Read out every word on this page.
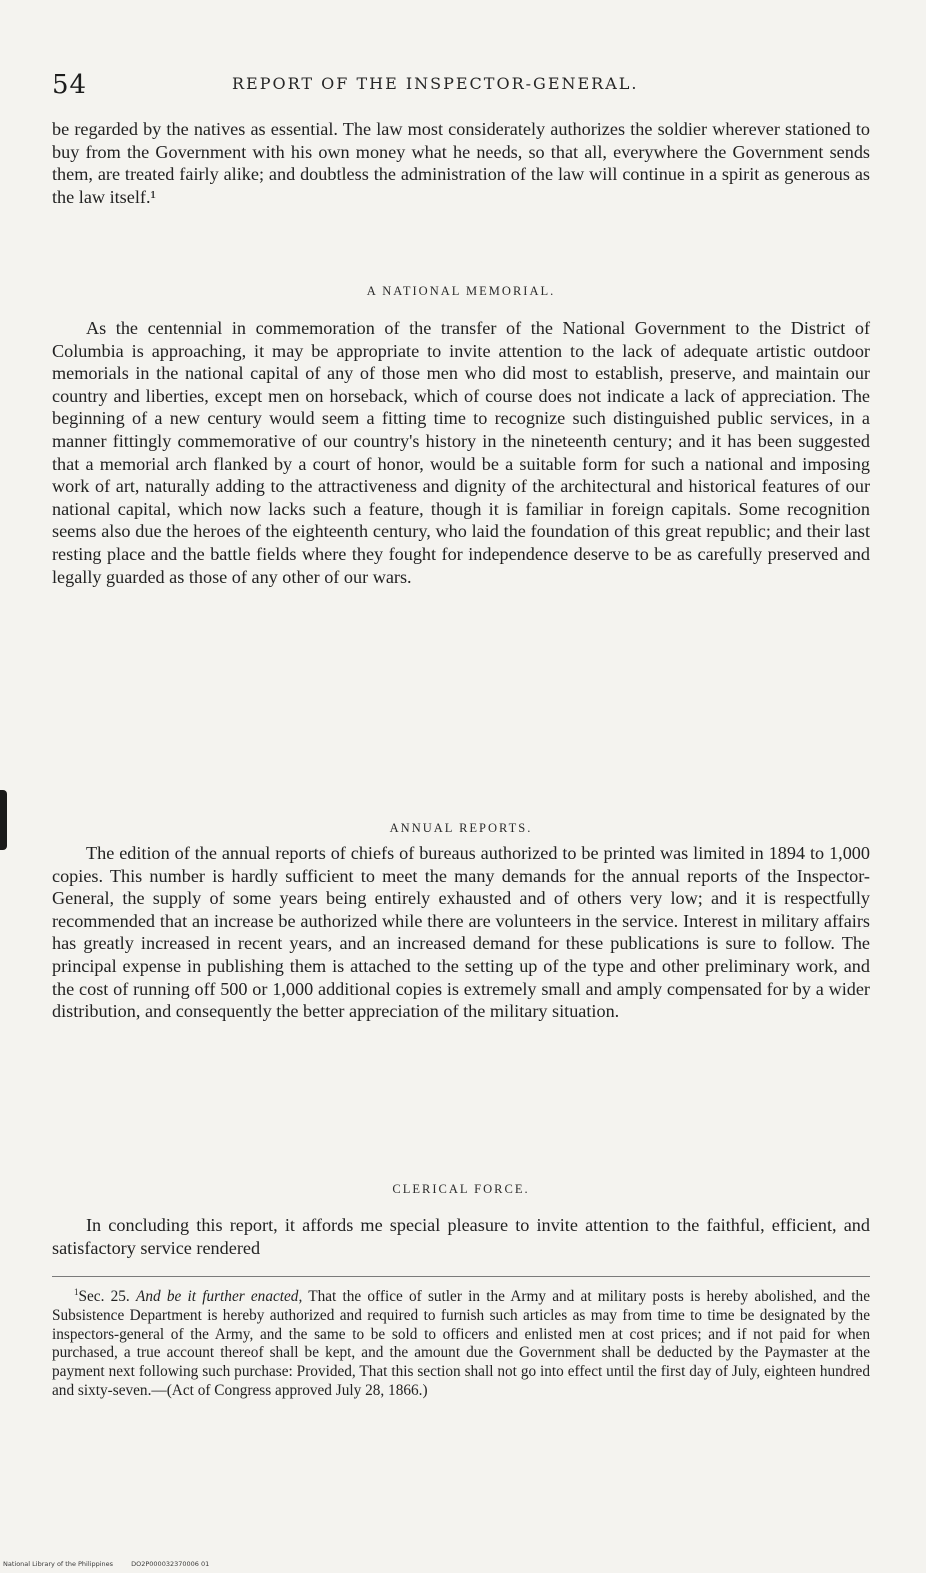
54	REPORT OF THE INSPECTOR-GENERAL.

be regarded by the natives as essential. The law most considerately authorizes the soldier wherever stationed to buy from the Government with his own money what he needs, so that all, everywhere the Government sends them, are treated fairly alike; and doubtless the administration of the law will continue in a spirit as generous as the law itself.¹

A NATIONAL MEMORIAL.

As the centennial in commemoration of the transfer of the National Government to the District of Columbia is approaching, it may be appropriate to invite attention to the lack of adequate artistic outdoor memorials in the national capital of any of those men who did most to establish, preserve, and maintain our country and liberties, except men on horseback, which of course does not indicate a lack of appreciation. The beginning of a new century would seem a fitting time to recognize such distinguished public services, in a manner fittingly commemorative of our country's history in the nineteenth century; and it has been suggested that a memorial arch flanked by a court of honor, would be a suitable form for such a national and imposing work of art, naturally adding to the attractiveness and dignity of the architectural and historical features of our national capital, which now lacks such a feature, though it is familiar in foreign capitals. Some recognition seems also due the heroes of the eighteenth century, who laid the foundation of this great republic; and their last resting place and the battle fields where they fought for independence deserve to be as carefully preserved and legally guarded as those of any other of our wars.

ANNUAL REPORTS.

The edition of the annual reports of chiefs of bureaus authorized to be printed was limited in 1894 to 1,000 copies. This number is hardly sufficient to meet the many demands for the annual reports of the Inspector-General, the supply of some years being entirely exhausted and of others very low; and it is respectfully recommended that an increase be authorized while there are volunteers in the service. Interest in military affairs has greatly increased in recent years, and an increased demand for these publications is sure to follow. The principal expense in publishing them is attached to the setting up of the type and other preliminary work, and the cost of running off 500 or 1,000 additional copies is extremely small and amply compensated for by a wider distribution, and consequently the better appreciation of the military situation.

CLERICAL FORCE.

In concluding this report, it affords me special pleasure to invite attention to the faithful, efficient, and satisfactory service rendered

$^1$Sec. 25. And be it further enacted, That the office of sutler in the Army and at military posts is hereby abolished, and the Subsistence Department is hereby authorized and required to furnish such articles as may from time to time be designated by the inspectors-general of the Army, and the same to be sold to officers and enlisted men at cost prices; and if not paid for when purchased, a true account thereof shall be kept, and the amount due the Government shall be deducted by the Paymaster at the payment next following such purchase: Provided, That this section shall not go into effect until the first day of July, eighteen hundred and sixty-seven.—(Act of Congress approved July 28, 1866.)

National Library of the Philippines	DO2P000032370006 01
